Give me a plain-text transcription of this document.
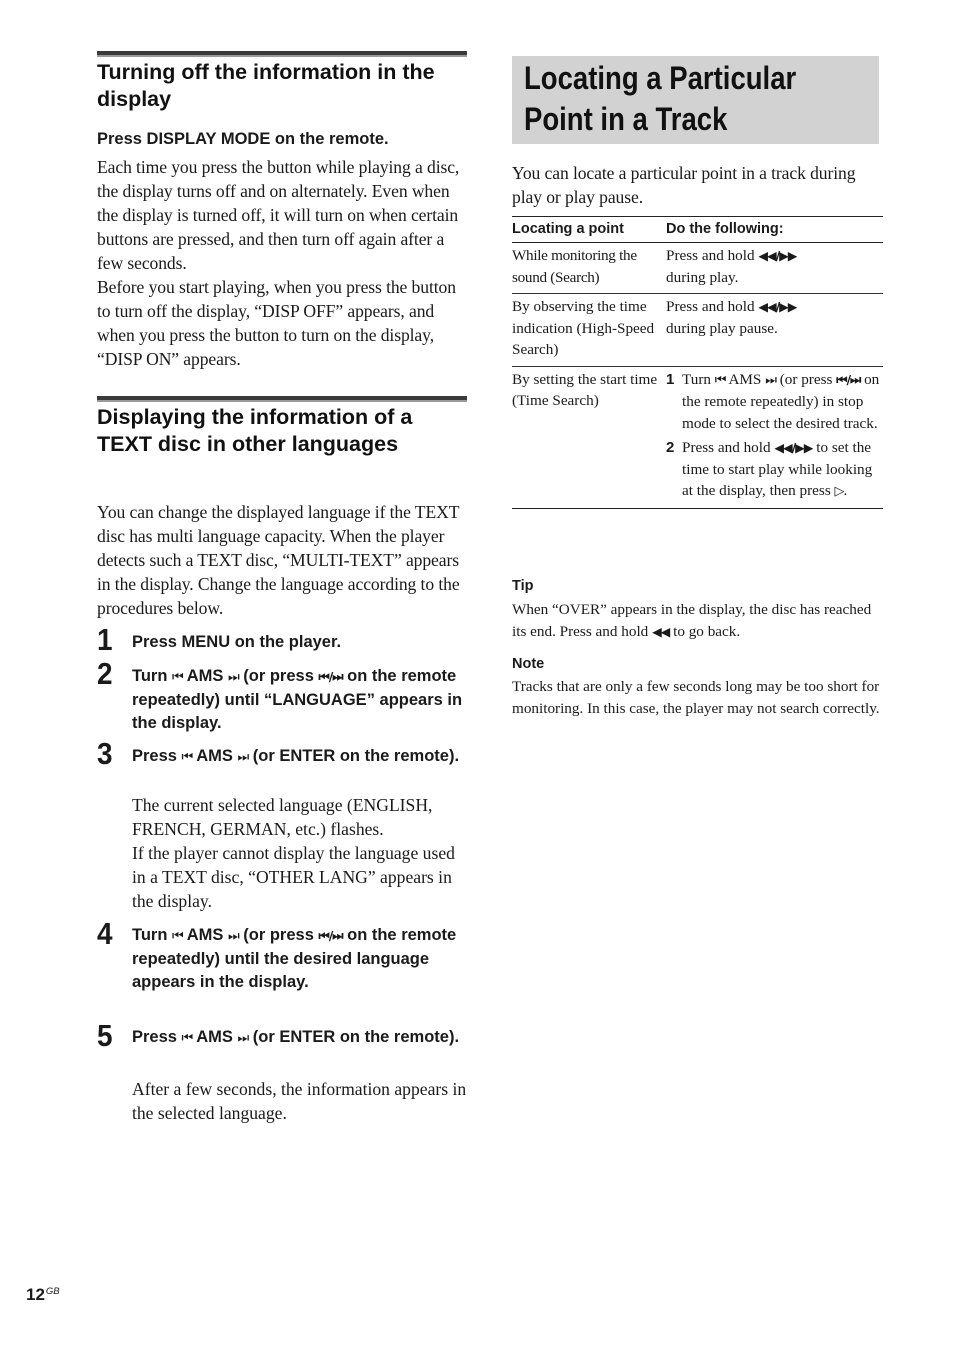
Turning off the information in the display

Press DISPLAY MODE on the remote.

Each time you press the button while playing a disc, the display turns off and on alternately. Even when the display is turned off, it will turn on when certain buttons are pressed, and then turn off again after a few seconds.
Before you start playing, when you press the button to turn off the display, “DISP OFF” appears, and when you press the button to turn on the display, “DISP ON” appears.

Displaying the information of a TEXT disc in other languages

You can change the displayed language if the TEXT disc has multi language capacity. When the player detects such a TEXT disc, “MULTI-TEXT” appears in the display. Change the language according to the procedures below.

1 Press MENU on the player.

2 Turn ⏮ AMS ⏭ (or press ⏮/⏭ on the remote repeatedly) until “LANGUAGE” appears in the display.

3 Press ⏮ AMS ⏭ (or ENTER on the remote).

The current selected language (ENGLISH, FRENCH, GERMAN, etc.) flashes.
If the player cannot display the language used in a TEXT disc, “OTHER LANG” appears in the display.

4 Turn ⏮ AMS ⏭ (or press ⏮/⏭ on the remote repeatedly) until the desired language appears in the display.

5 Press ⏮ AMS ⏭ (or ENTER on the remote).

After a few seconds, the information appears in the selected language.

Locating a Particular
Point in a Track

You can locate a particular point in a track during play or play pause.

Locating a point	Do the following:
While monitoring the sound (Search)	Press and hold ◀◀/▶▶
during play.
By observing the time indication (High-Speed Search)	Press and hold ◀◀/▶▶
during play pause.
By setting the start time (Time Search)	1 Turn ⏮ AMS ⏭ (or press ⏮/⏭ on the remote repeatedly) in stop mode to select the desired track.
2 Press and hold ◀◀/▶▶ to set the time to start play while looking at the display, then press ▷.

Tip

When “OVER” appears in the display, the disc has reached its end. Press and hold ◀◀ to go back.

Note

Tracks that are only a few seconds long may be too short for monitoring. In this case, the player may not search correctly.

$12^{GB}$
